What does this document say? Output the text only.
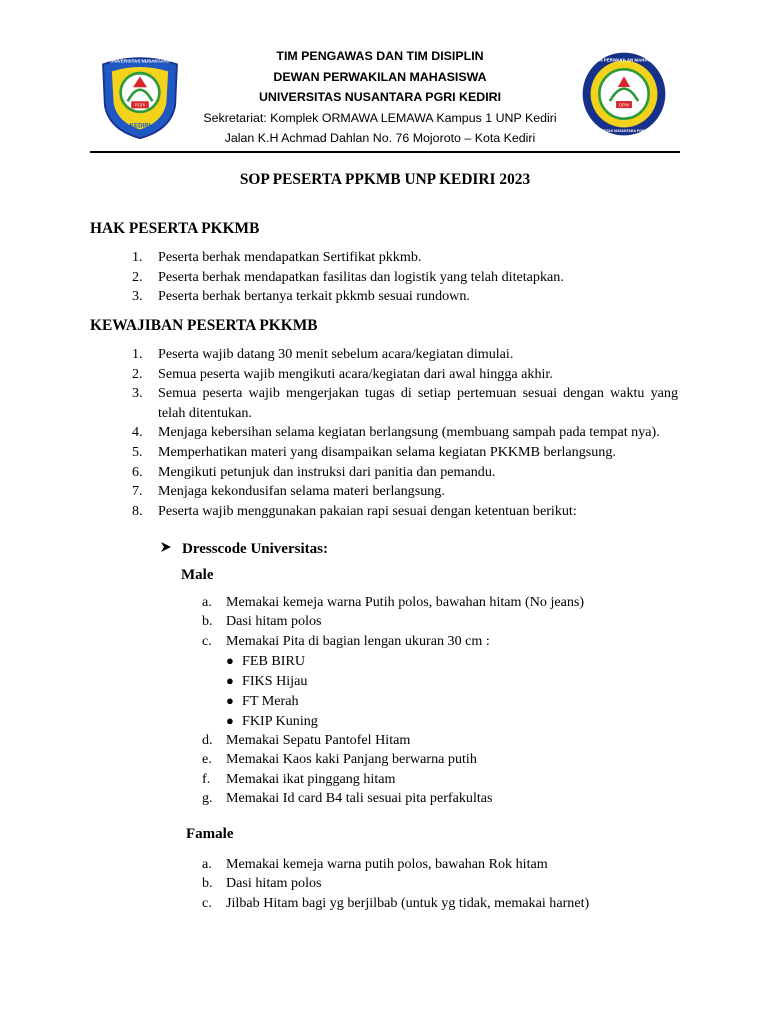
PGRI
KEDIRI
UNIVERSITAS NUSANTARA	TIM PENGAWAS DAN TIM DISIPLIN
DEWAN PERWAKILAN MAHASISWA
UNIVERSITAS NUSANTARA PGRI KEDIRI
Sekretariat: Komplek ORMAWA LEMAWA Kampus 1 UNP Kediri
Jalan K.H Achmad Dahlan No. 76 Mojoroto – Kota Kediri
DPM
DEWAN PERWAKILAN MAHASISWA
UNIVERSITAS NUSANTARA PGRI KEDIRI
SOP PESERTA PPKMB UNP KEDIRI 2023
HAK PESERTA PKKMB
1. Peserta berhak mendapatkan Sertifikat pkkmb.
2. Peserta berhak mendapatkan fasilitas dan logistik yang telah ditetapkan.
3. Peserta berhak bertanya terkait pkkmb sesuai rundown.
KEWAJIBAN PESERTA PKKMB
1. Peserta wajib datang 30 menit sebelum acara/kegiatan dimulai.
2. Semua peserta wajib mengikuti acara/kegiatan dari awal hingga akhir.
3. Semua peserta wajib mengerjakan tugas di setiap pertemuan sesuai dengan waktu yang telah ditentukan.
4. Menjaga kebersihan selama kegiatan berlangsung (membuang sampah pada tempat nya).
5. Memperhatikan materi yang disampaikan selama kegiatan PKKMB berlangsung.
6. Mengikuti petunjuk dan instruksi dari panitia dan pemandu.
7. Menjaga kekondusifan selama materi berlangsung.
8. Peserta wajib menggunakan pakaian rapi sesuai dengan ketentuan berikut:
Dresscode Universitas:
Male
a. Memakai kemeja warna Putih polos, bawahan hitam (No jeans)
b. Dasi hitam polos
c. Memakai Pita di bagian lengan ukuran 30 cm :
● FEB BIRU
● FIKS Hijau
● FT Merah
● FKIP Kuning
d. Memakai Sepatu Pantofel Hitam
e. Memakai Kaos kaki Panjang berwarna putih
f. Memakai ikat pinggang hitam
g. Memakai Id card B4 tali sesuai pita perfakultas
Famale
a. Memakai kemeja warna putih polos, bawahan Rok hitam
b. Dasi hitam polos
c. Jilbab Hitam bagi yg berjilbab (untuk yg tidak, memakai harnet)
